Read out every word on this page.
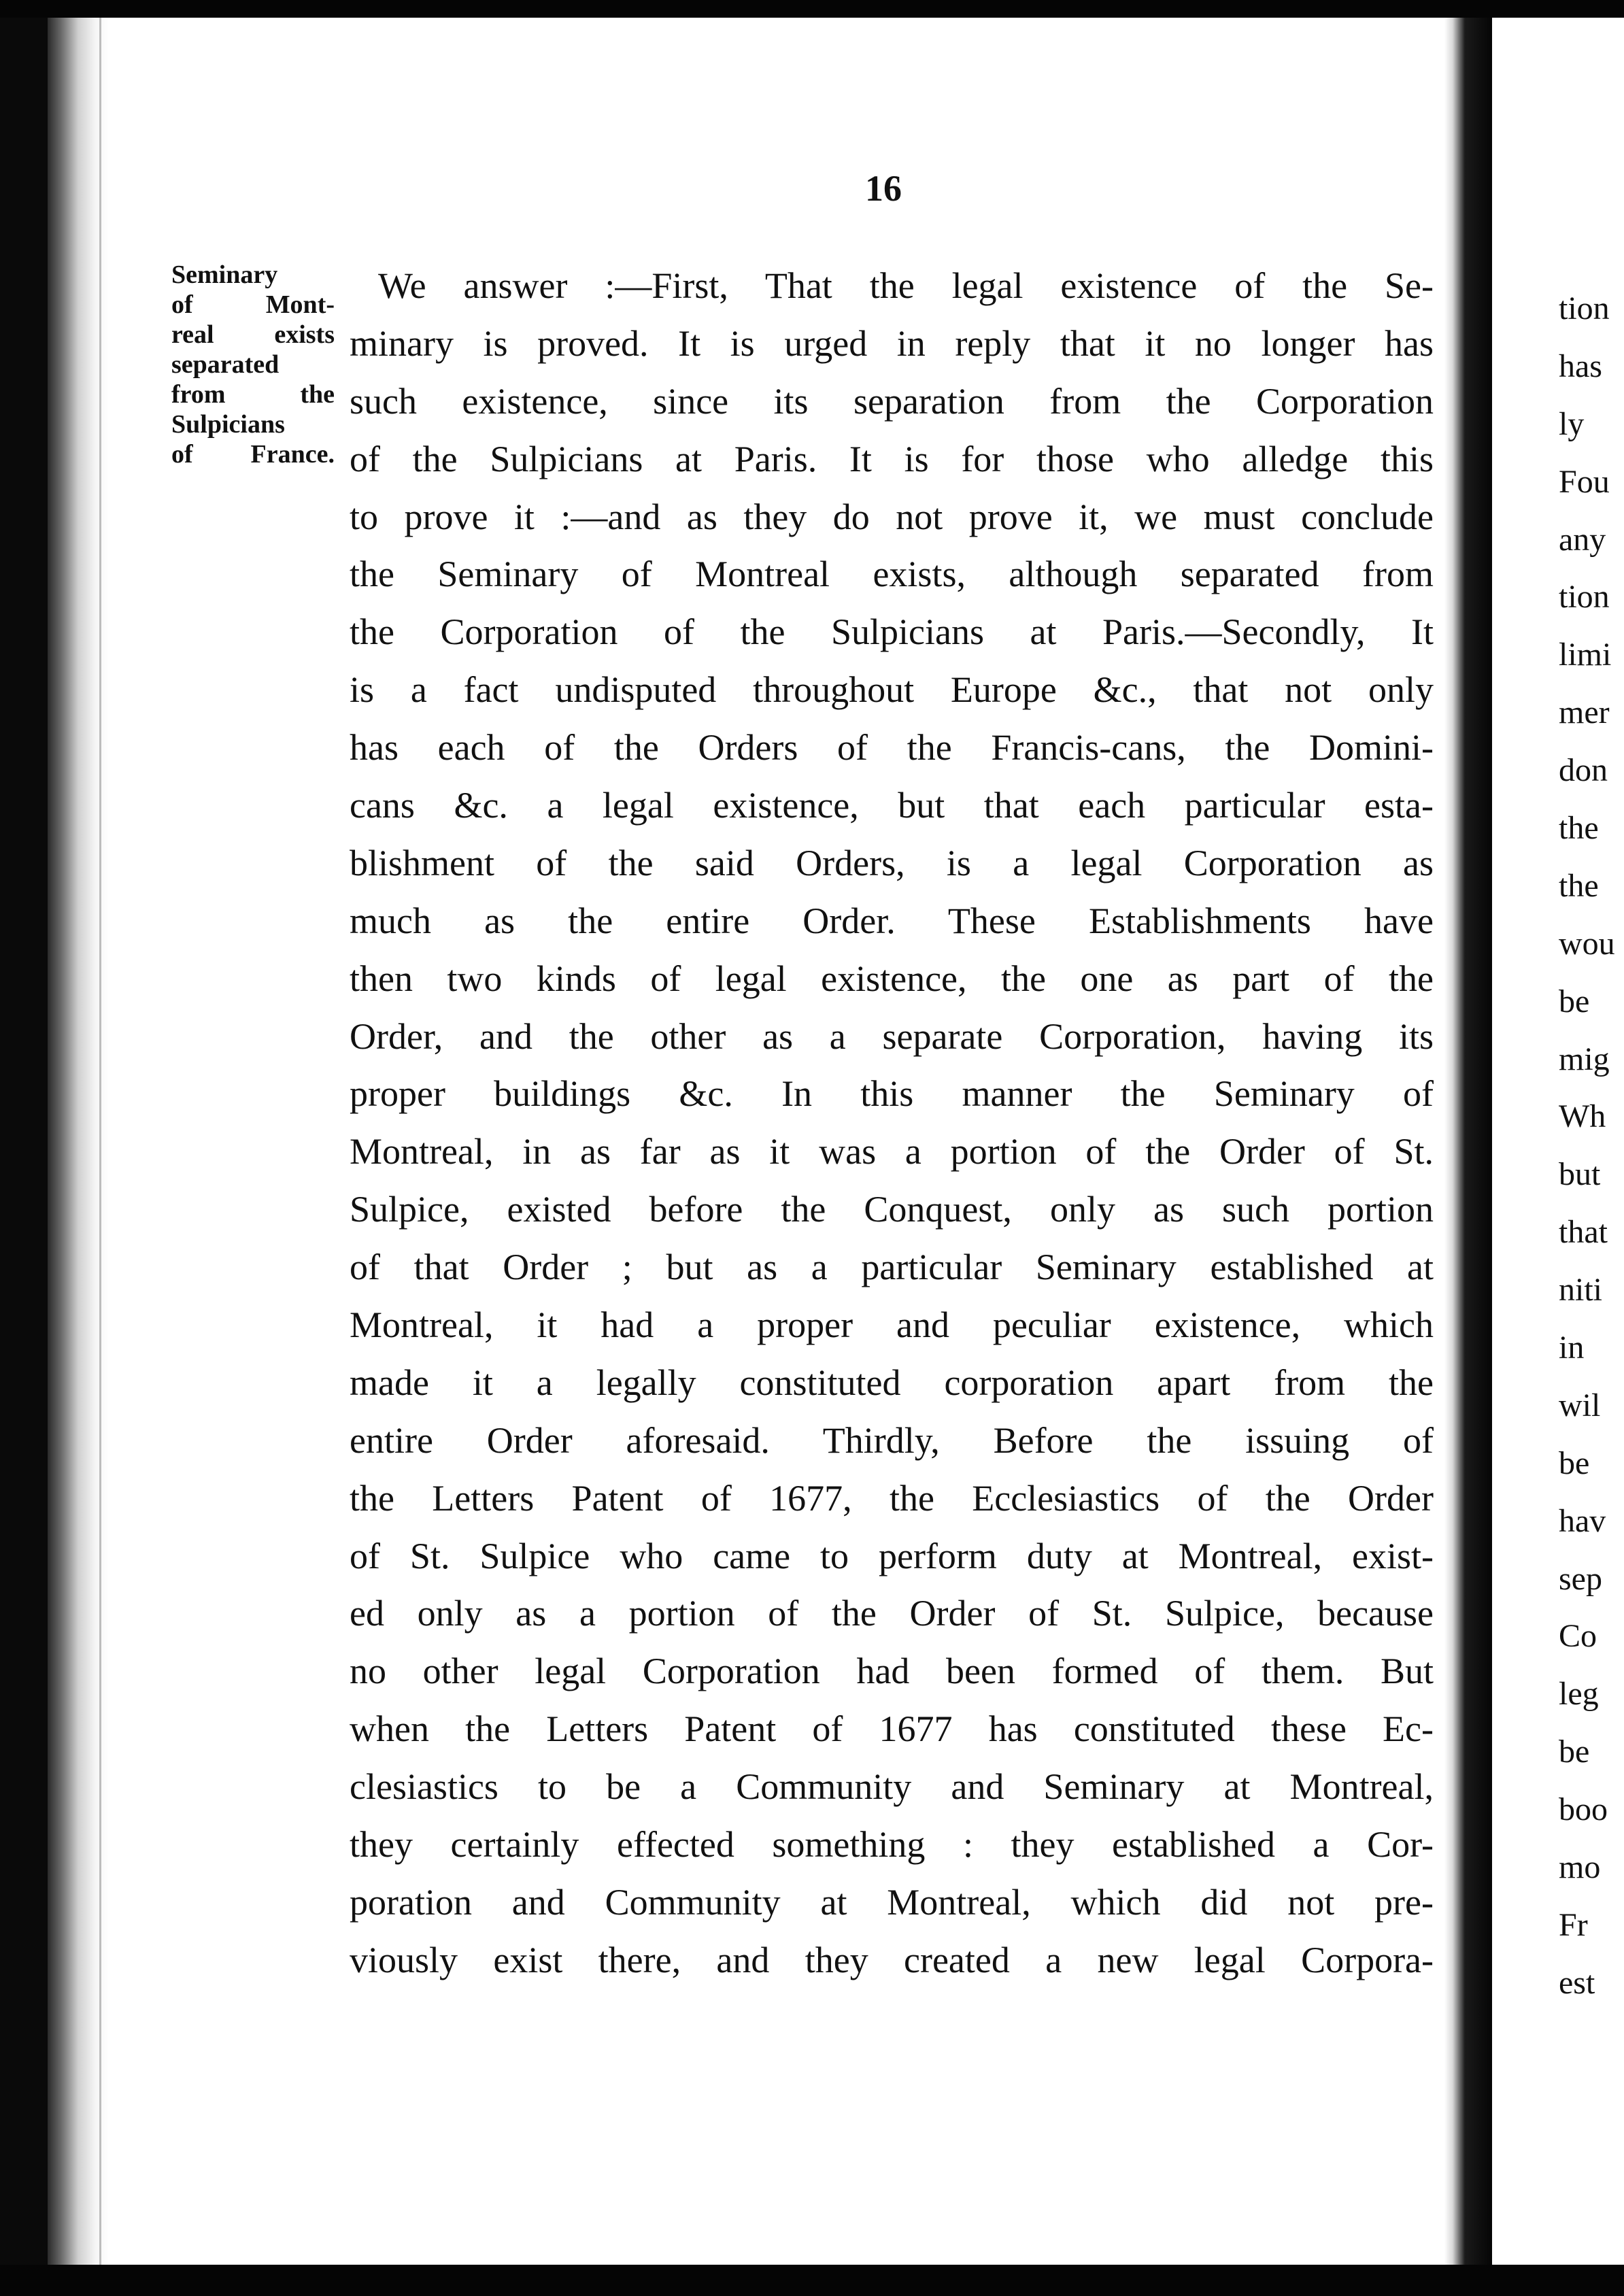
16
Seminary
of	Mont-
real exists
separated
from	the
Sulpicians
of France.
We answer :—First, That the legal existence of the Se-
minary is proved. It is urged in reply that it no longer has
such existence, since its separation from the Corporation
of the Sulpicians at Paris. It is for those who alledge this
to prove it :—and as they do not prove it, we must conclude
the Seminary of Montreal exists, although separated from
the Corporation of the Sulpicians at Paris.—Secondly, It
is a fact undisputed throughout Europe &c., that not only
has each of the Orders of the Francis-cans, the Domini-
cans &c. a legal existence, but that each particular esta-
blishment of the said Orders, is a legal Corporation as
much as the entire Order. These Establishments have
then two kinds of legal existence, the one as part of the
Order, and the other as a separate Corporation, having its
proper buildings &c. In this manner the Seminary of
Montreal, in as far as it was a portion of the Order of St.
Sulpice, existed before the Conquest, only as such portion
of that Order ; but as a particular Seminary established at
Montreal, it had a proper and peculiar existence, which
made it a legally constituted corporation apart from the
entire Order aforesaid. Thirdly, Before the issuing of
the Letters Patent of 1677, the Ecclesiastics of the Order
of St. Sulpice who came to perform duty at Montreal, exist-
ed only as a portion of the Order of St. Sulpice, because
no other legal Corporation had been formed of them. But
when the Letters Patent of 1677 has constituted these Ec-
clesiastics to be a Community and Seminary at Montreal,
they certainly effected something : they established a Cor-
poration and Community at Montreal, which did not pre-
viously exist there, and they created a new legal Corpora-
tion
has
ly
Fou
any
tion
limi
mer
don
the
the
wou
be
mig
Wh
but
that
niti
in
wil
be
hav
sep
Co
leg
be
boo
mo
Fr
est
